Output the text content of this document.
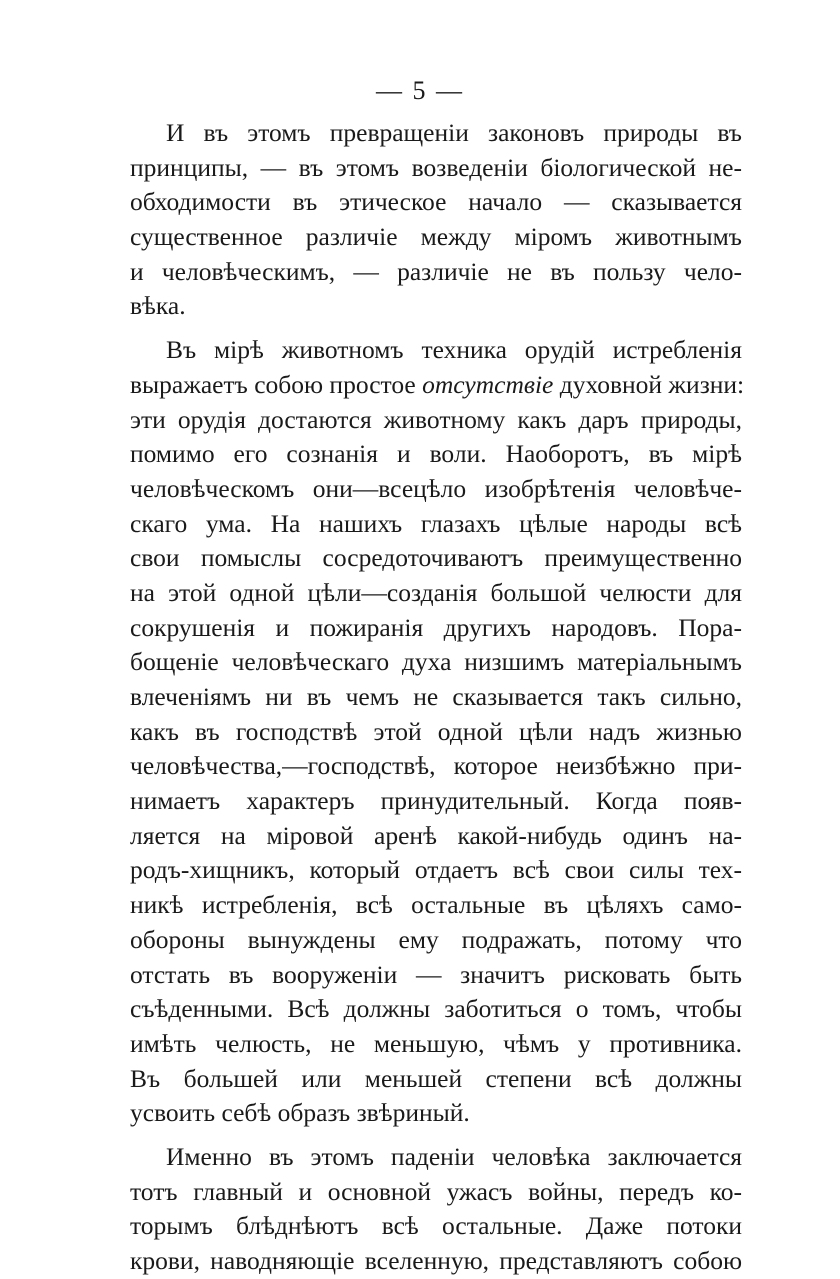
— 5 —
И въ этомъ превращеніи законовъ природы въ
принципы, — въ этомъ возведеніи біологической не-
обходимости въ этическое начало — сказывается
существенное различіе между міромъ животнымъ
и человѣческимъ, — различіе не въ пользу чело-
вѣка.
Въ мірѣ животномъ техника орудій истребленія
выражаетъ собою простое отсутствіе духовной жизни:
эти орудія достаются животному какъ даръ природы,
помимо его сознанія и воли. Наоборотъ, въ мірѣ
человѣческомъ они—всецѣло изобрѣтенія человѣче-
скаго ума. На нашихъ глазахъ цѣлые народы всѣ
свои помыслы сосредоточиваютъ преимущественно
на этой одной цѣли—созданія большой челюсти для
сокрушенія и пожиранія другихъ народовъ. Пора-
бощеніе человѣческаго духа низшимъ матеріальнымъ
влеченіямъ ни въ чемъ не сказывается такъ сильно,
какъ въ господствѣ этой одной цѣли надъ жизнью
человѣчества,—господствѣ, которое неизбѣжно при-
нимаетъ характеръ принудительный. Когда появ-
ляется на міровой аренѣ какой-нибудь одинъ на-
родъ-хищникъ, который отдаетъ всѣ свои силы тех-
никѣ истребленія, всѣ остальные въ цѣляхъ само-
обороны вынуждены ему подражать, потому что
отстать въ вооруженіи — значитъ рисковать быть
съѣденными. Всѣ должны заботиться о томъ, чтобы
имѣть челюсть, не меньшую, чѣмъ у противника.
Въ большей или меньшей степени всѣ должны
усвоить себѣ образъ звѣриный.
Именно въ этомъ паденіи человѣка заключается
тотъ главный и основной ужасъ войны, передъ ко-
торымъ блѣднѣютъ всѣ остальные. Даже потоки
крови, наводняющіе вселенную, представляютъ собою
